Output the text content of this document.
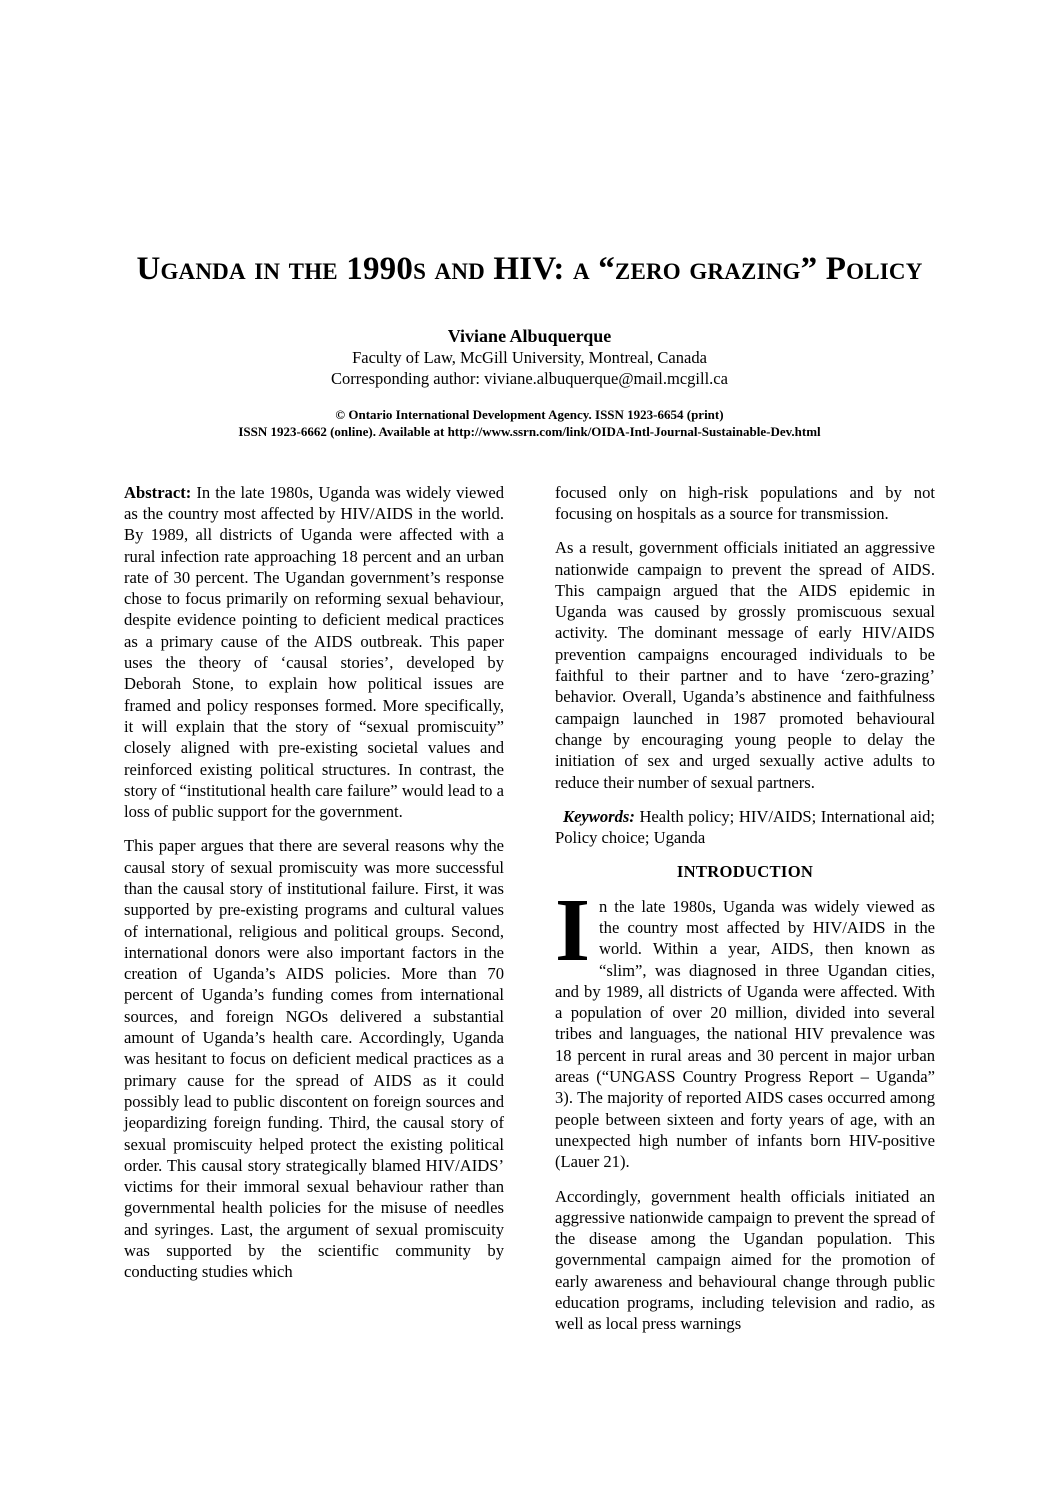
Uganda in the 1990s and HIV: a “zero grazing” Policy
Viviane Albuquerque
Faculty of Law, McGill University, Montreal, Canada
Corresponding author: viviane.albuquerque@mail.mcgill.ca
© Ontario International Development Agency. ISSN 1923-6654 (print)
ISSN 1923-6662 (online). Available at http://www.ssrn.com/link/OIDA-Intl-Journal-Sustainable-Dev.html

Abstract: In the late 1980s, Uganda was widely viewed as the country most affected by HIV/AIDS in the world. By 1989, all districts of Uganda were affected with a rural infection rate approaching 18 percent and an urban rate of 30 percent. The Ugandan government’s response chose to focus primarily on reforming sexual behaviour, despite evidence pointing to deficient medical practices as a primary cause of the AIDS outbreak. This paper uses the theory of ‘causal stories’, developed by Deborah Stone, to explain how political issues are framed and policy responses formed. More specifically, it will explain that the story of “sexual promiscuity” closely aligned with pre-existing societal values and reinforced existing political structures. In contrast, the story of “institutional health care failure” would lead to a loss of public support for the government.

This paper argues that there are several reasons why the causal story of sexual promiscuity was more successful than the causal story of institutional failure. First, it was supported by pre-existing programs and cultural values of international, religious and political groups. Second, international donors were also important factors in the creation of Uganda’s AIDS policies. More than 70 percent of Uganda’s funding comes from international sources, and foreign NGOs delivered a substantial amount of Uganda’s health care. Accordingly, Uganda was hesitant to focus on deficient medical practices as a primary cause for the spread of AIDS as it could possibly lead to public discontent on foreign sources and jeopardizing foreign funding. Third, the causal story of sexual promiscuity helped protect the existing political order. This causal story strategically blamed HIV/AIDS’ victims for their immoral sexual behaviour rather than governmental health policies for the misuse of needles and syringes. Last, the argument of sexual promiscuity was supported by the scientific community by conducting studies which

focused only on high-risk populations and by not focusing on hospitals as a source for transmission.

As a result, government officials initiated an aggressive nationwide campaign to prevent the spread of AIDS. This campaign argued that the AIDS epidemic in Uganda was caused by grossly promiscuous sexual activity. The dominant message of early HIV/AIDS prevention campaigns encouraged individuals to be faithful to their partner and to have ‘zero-grazing’ behavior. Overall, Uganda’s abstinence and faithfulness campaign launched in 1987 promoted behavioural change by encouraging young people to delay the initiation of sex and urged sexually active adults to reduce their number of sexual partners.

Keywords: Health policy; HIV/AIDS; International aid; Policy choice; Uganda

INTRODUCTION

In the late 1980s, Uganda was widely viewed as the country most affected by HIV/AIDS in the world. Within a year, AIDS, then known as “slim”, was diagnosed in three Ugandan cities, and by 1989, all districts of Uganda were affected. With a population of over 20 million, divided into several tribes and languages, the national HIV prevalence was 18 percent in rural areas and 30 percent in major urban areas (“UNGASS Country Progress Report – Uganda” 3). The majority of reported AIDS cases occurred among people between sixteen and forty years of age, with an unexpected high number of infants born HIV-positive (Lauer 21).

Accordingly, government health officials initiated an aggressive nationwide campaign to prevent the spread of the disease among the Ugandan population. This governmental campaign aimed for the promotion of early awareness and behavioural change through public education programs, including television and radio, as well as local press warnings
